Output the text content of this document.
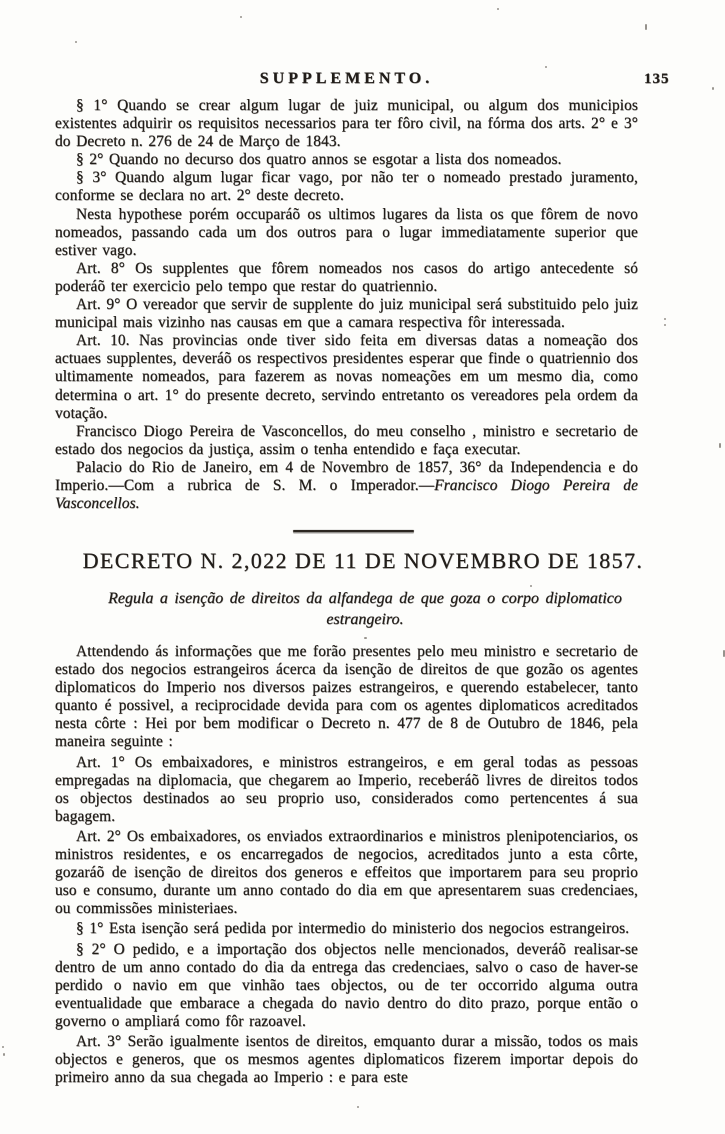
SUPPLEMENTO.	135

§ 1° Quando se crear algum lugar de juiz municipal, ou algum dos municipios existentes adquirir os requisitos necessarios para ter fôro civil, na fórma dos arts. 2° e 3° do Decreto n. 276 de 24 de Março de 1843.

§ 2° Quando no decurso dos quatro annos se esgotar a lista dos nomeados.

§ 3° Quando algum lugar ficar vago, por não ter o nomeado prestado juramento, conforme se declara no art. 2° deste decreto.

Nesta hypothese porém occuparáõ os ultimos lugares da lista os que fôrem de novo nomeados, passando cada um dos outros para o lugar immediatamente superior que estiver vago.

Art. 8° Os supplentes que fôrem nomeados nos casos do artigo antecedente só poderáõ ter exercicio pelo tempo que restar do quatriennio.

Art. 9° O vereador que servir de supplente do juiz municipal será substituido pelo juiz municipal mais vizinho nas causas em que a camara respectiva fôr interessada.

Art. 10. Nas provincias onde tiver sido feita em diversas datas a nomeação dos actuaes supplentes, deveráõ os respectivos presidentes esperar que finde o quatriennio dos ultimamente nomeados, para fazerem as novas nomeações em um mesmo dia, como determina o art. 1° do presente decreto, servindo entretanto os vereadores pela ordem da votação.

Francisco Diogo Pereira de Vasconcellos, do meu conselho , ministro e secretario de estado dos negocios da justiça, assim o tenha entendido e faça executar.

Palacio do Rio de Janeiro, em 4 de Novembro de 1857, 36° da Independencia e do Imperio.—Com a rubrica de S. M. o Imperador.—Francisco Diogo Pereira de Vasconcellos.

DECRETO N. 2,022 DE 11 DE NOVEMBRO DE 1857.

Regula a isenção de direitos da alfandega de que goza o corpo diplomatico estrangeiro.

Attendendo ás informações que me forão presentes pelo meu ministro e secretario de estado dos negocios estrangeiros ácerca da isenção de direitos de que gozão os agentes diplomaticos do Imperio nos diversos paizes estrangeiros, e querendo estabelecer, tanto quanto é possivel, a reciprocidade devida para com os agentes diplomaticos acreditados nesta côrte : Hei por bem modificar o Decreto n. 477 de 8 de Outubro de 1846, pela maneira seguinte :

Art. 1° Os embaixadores, e ministros estrangeiros, e em geral todas as pessoas empregadas na diplomacia, que chegarem ao Imperio, receberáõ livres de direitos todos os objectos destinados ao seu proprio uso, considerados como pertencentes á sua bagagem.

Art. 2° Os embaixadores, os enviados extraordinarios e ministros plenipotenciarios, os ministros residentes, e os encarregados de negocios, acreditados junto a esta côrte, gozaráõ de isenção de direitos dos generos e effeitos que importarem para seu proprio uso e consumo, durante um anno contado do dia em que apresentarem suas credenciaes, ou commissões ministeriaes.

§ 1° Esta isenção será pedida por intermedio do ministerio dos negocios estrangeiros.

§ 2° O pedido, e a importação dos objectos nelle mencionados, deveráõ realisar-se dentro de um anno contado do dia da entrega das credenciaes, salvo o caso de haver-se perdido o navio em que vinhão taes objectos, ou de ter occorrido alguma outra eventualidade que embarace a chegada do navio dentro do dito prazo, porque então o governo o ampliará como fôr razoavel.

Art. 3° Serão igualmente isentos de direitos, emquanto durar a missão, todos os mais objectos e generos, que os mesmos agentes diplomaticos fizerem importar depois do primeiro anno da sua chegada ao Imperio : e para este
